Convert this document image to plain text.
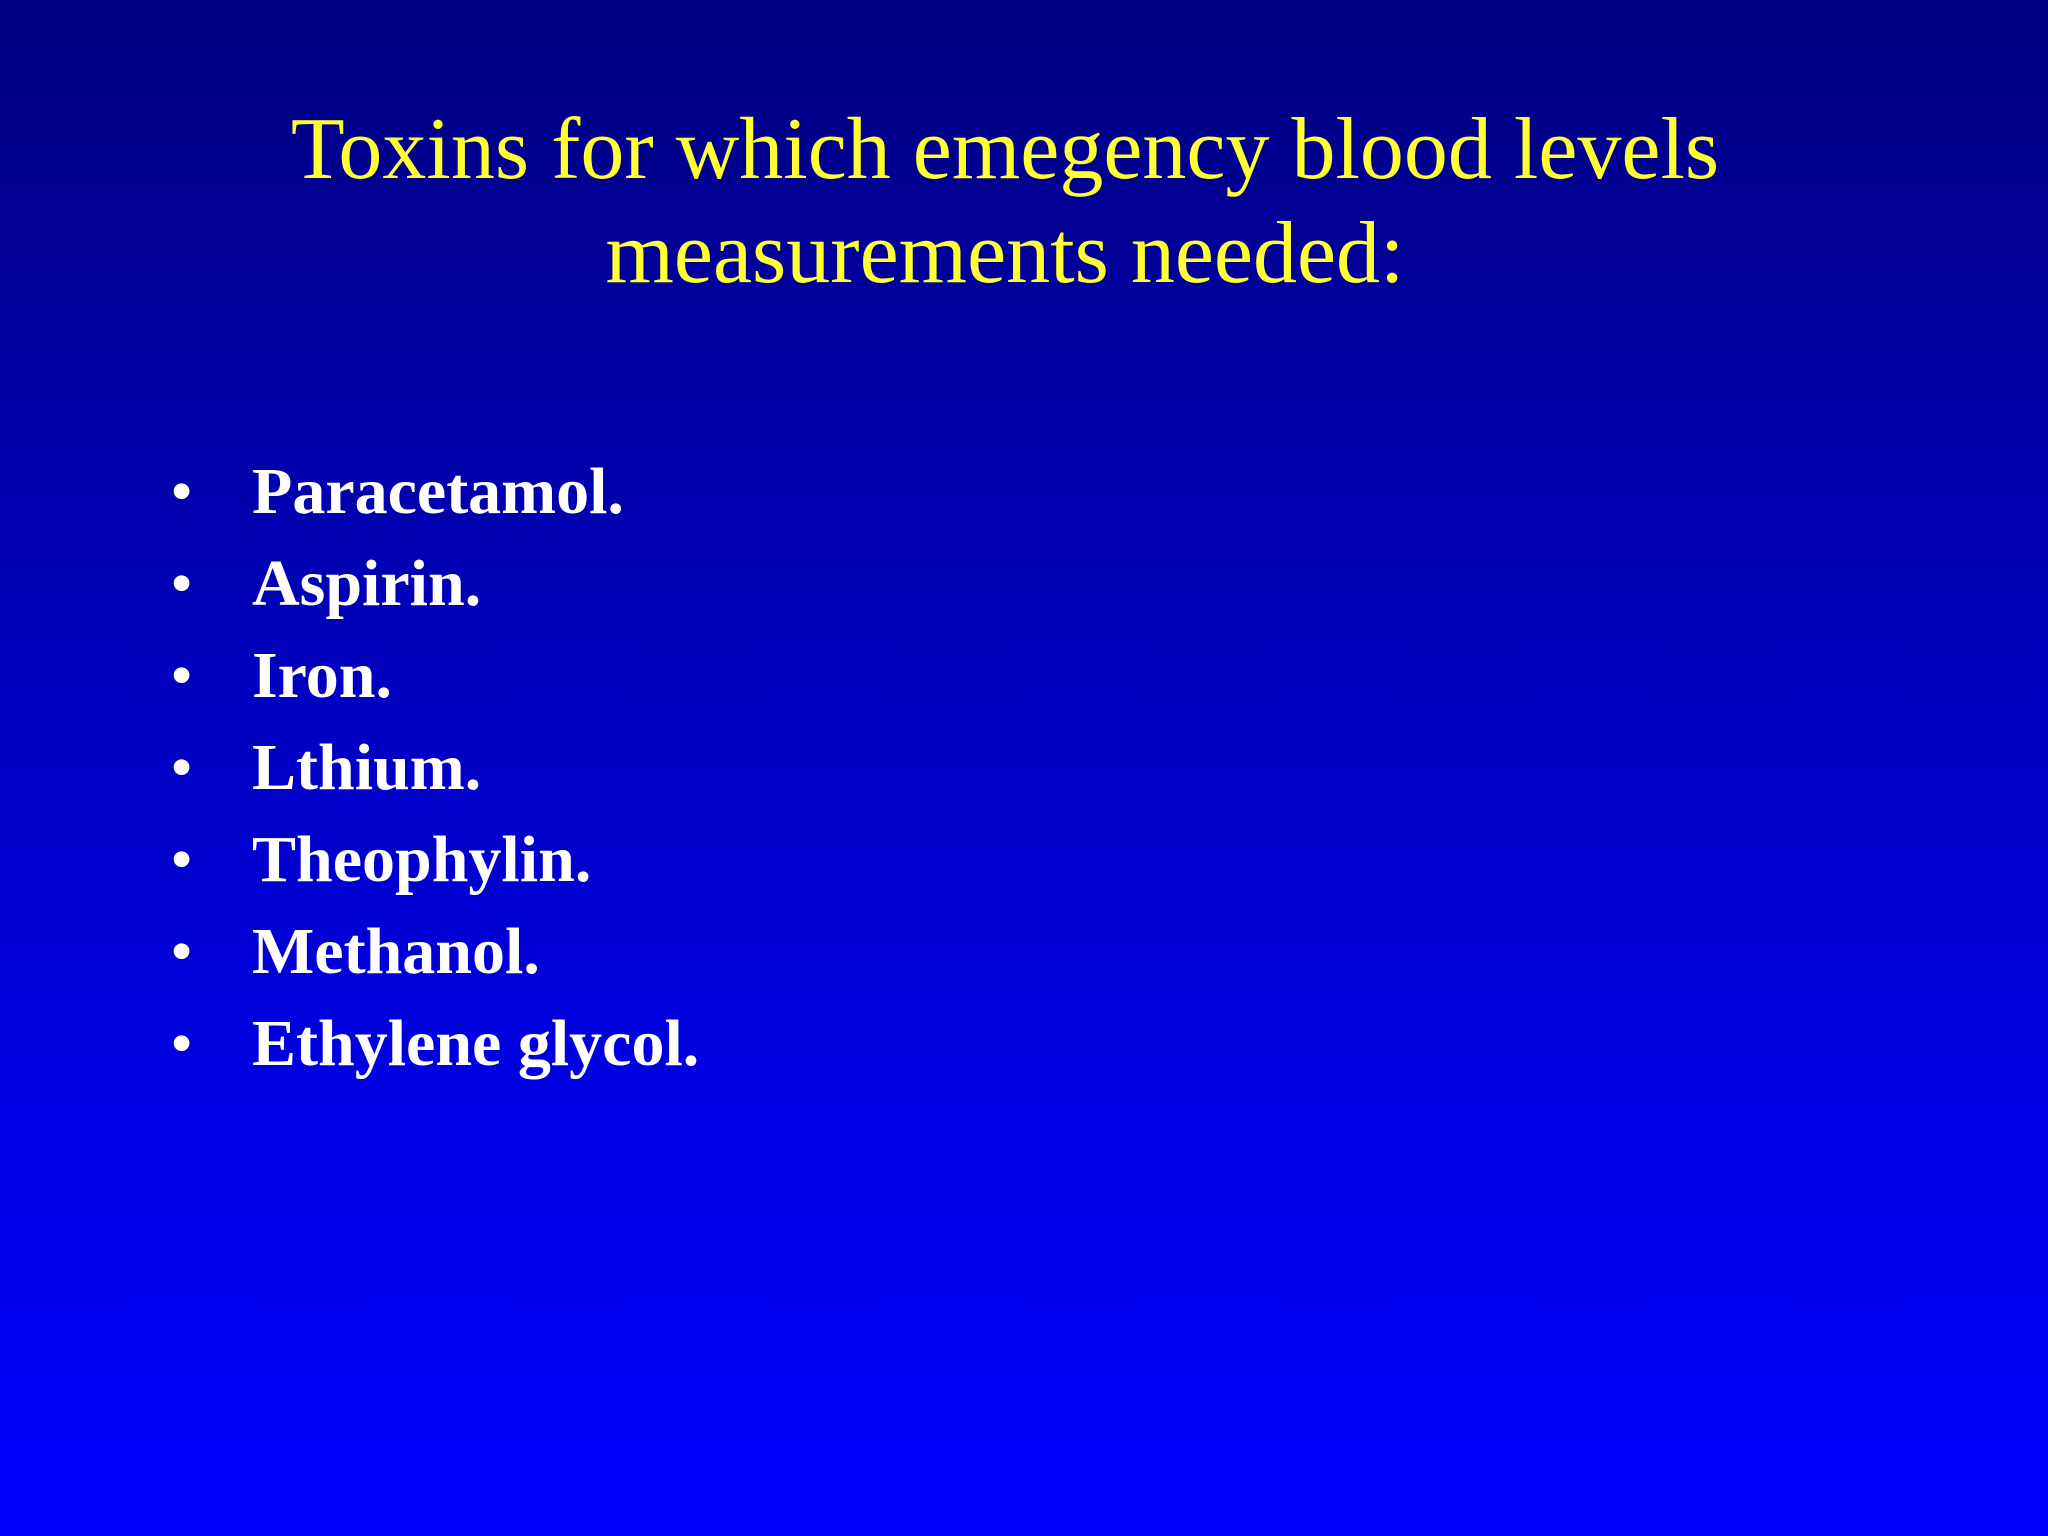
Toxins for which emegency blood levels
measurements needed:
• Paracetamol.
• Aspirin.
• Iron.
• Lthium.
• Theophylin.
• Methanol.
• Ethylene glycol.
